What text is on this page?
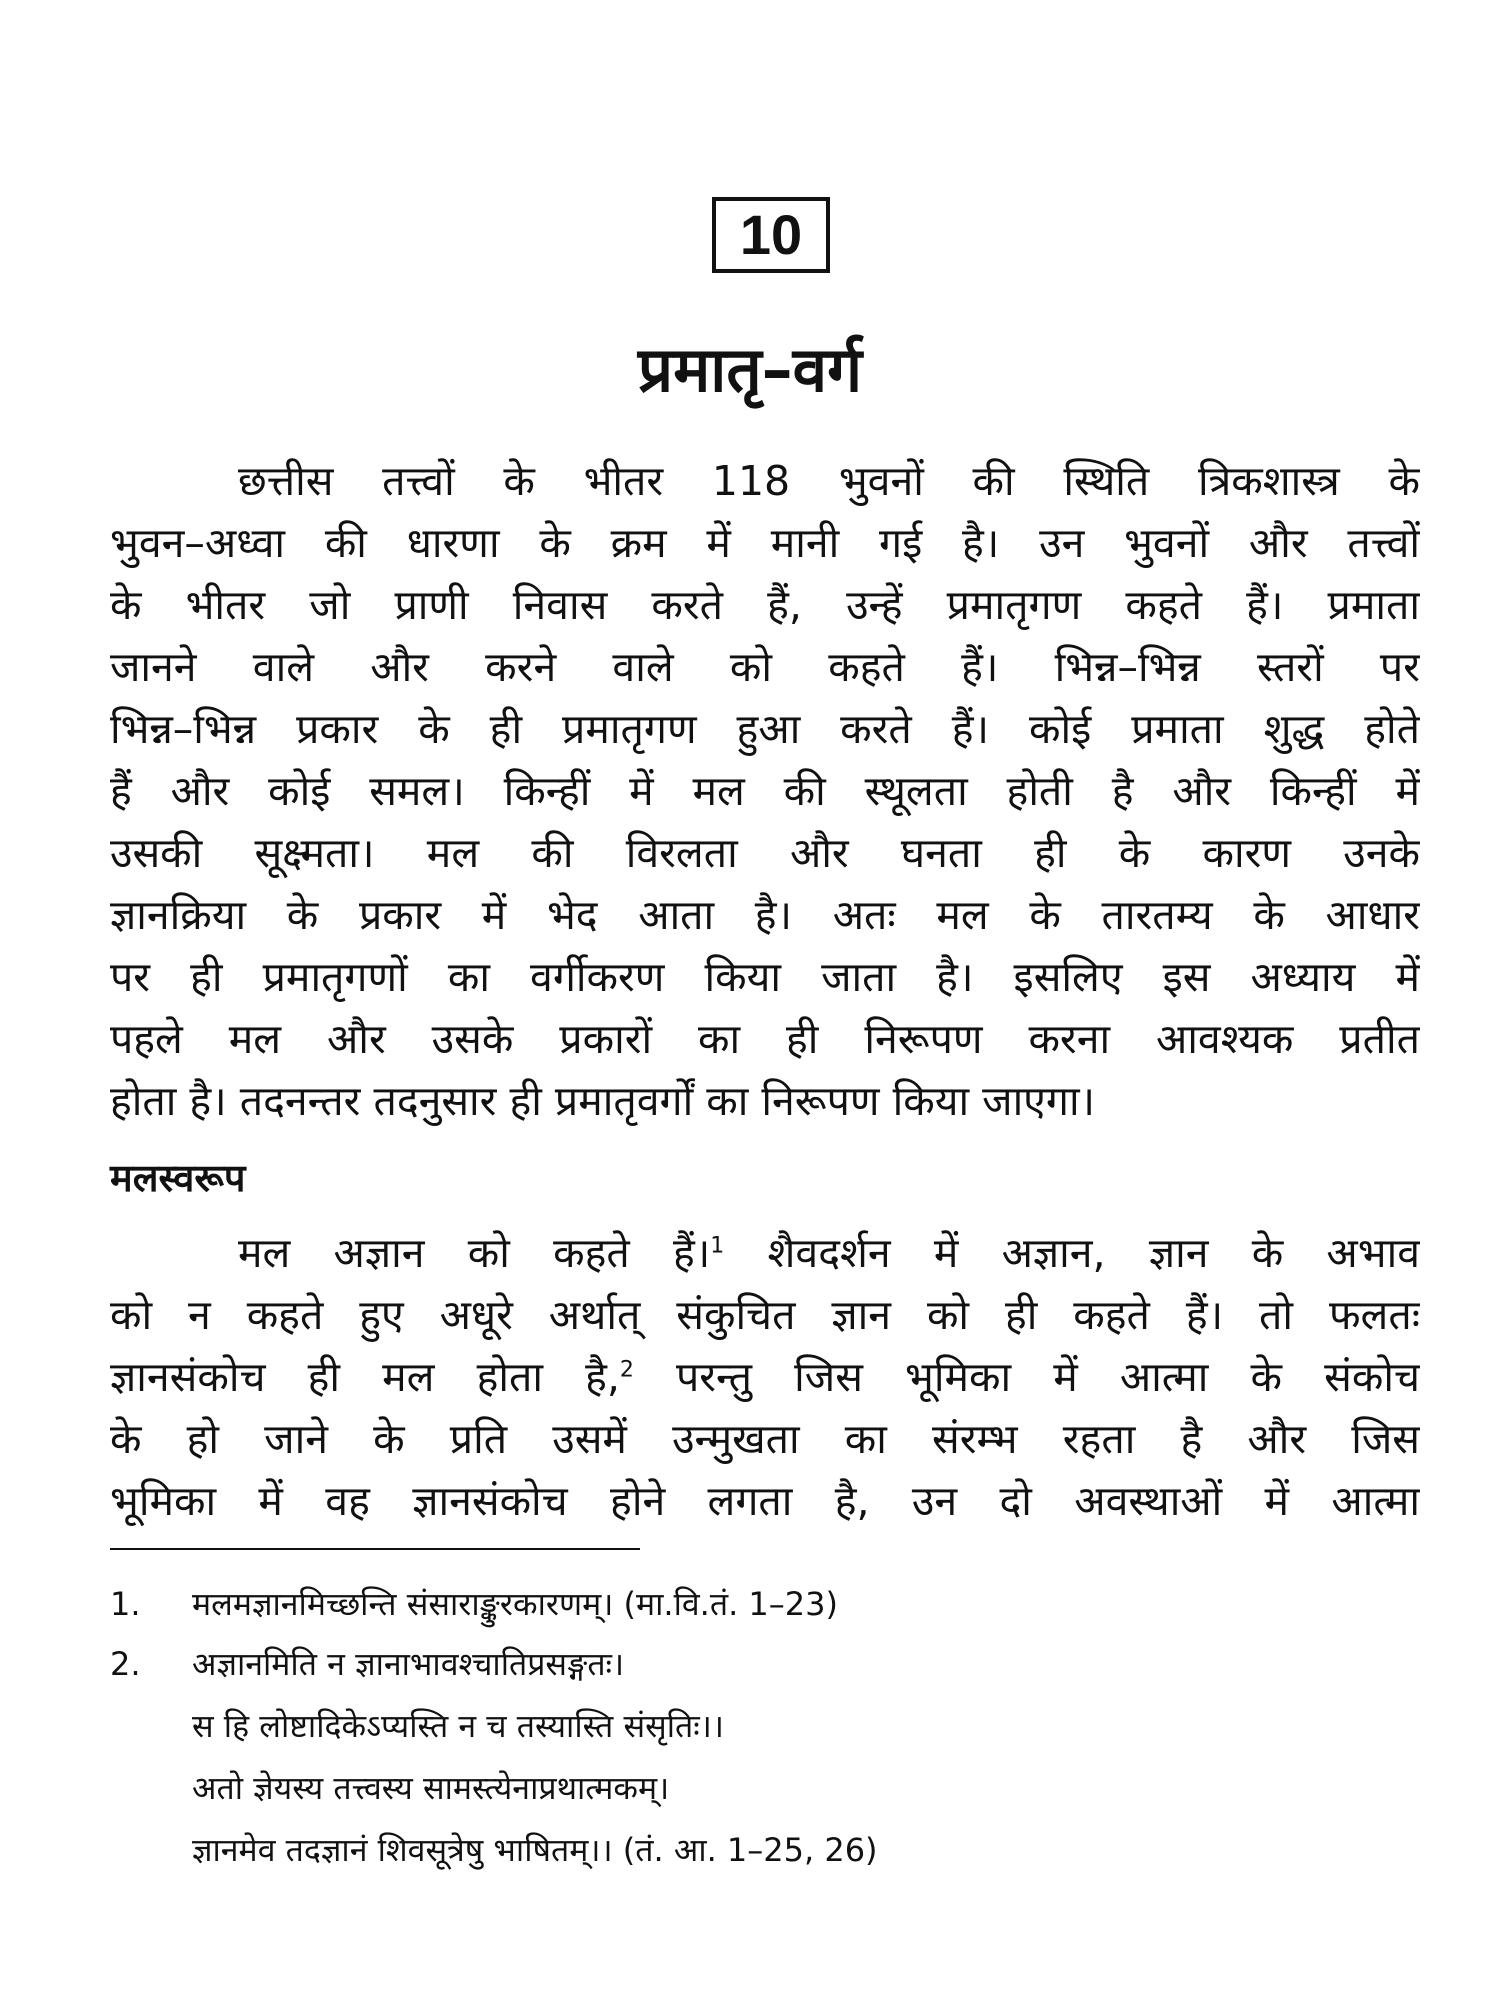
10
प्रमातृ–वर्ग
छत्तीस तत्त्वों के भीतर 118 भुवनों की स्थिति त्रिकशास्त्र के
भुवन–अध्वा की धारणा के क्रम में मानी गई है। उन भुवनों और तत्त्वों
के भीतर जो प्राणी निवास करते हैं, उन्हें प्रमातृगण कहते हैं। प्रमाता
जानने वाले और करने वाले को कहते हैं। भिन्न–भिन्न स्तरों पर
भिन्न–भिन्न प्रकार के ही प्रमातृगण हुआ करते हैं। कोई प्रमाता शुद्ध होते
हैं और कोई समल। किन्हीं में मल की स्थूलता होती है और किन्हीं में
उसकी सूक्ष्मता। मल की विरलता और घनता ही के कारण उनके
ज्ञानक्रिया के प्रकार में भेद आता है। अतः मल के तारतम्य के आधार
पर ही प्रमातृगणों का वर्गीकरण किया जाता है। इसलिए इस अध्याय में
पहले मल और उसके प्रकारों का ही निरूपण करना आवश्यक प्रतीत
होता है। तदनन्तर तदनुसार ही प्रमातृवर्गों का निरूपण किया जाएगा।
मलस्वरूप
मल अज्ञान को कहते हैं।$^1$ शैवदर्शन में अज्ञान, ज्ञान के अभाव
को न कहते हुए अधूरे अर्थात् संकुचित ज्ञान को ही कहते हैं। तो फलतः
ज्ञानसंकोच ही मल होता है,$^2$ परन्तु जिस भूमिका में आत्मा के संकोच
के हो जाने के प्रति उसमें उन्मुखता का संरम्भ रहता है और जिस
भूमिका में वह ज्ञानसंकोच होने लगता है, उन दो अवस्थाओं में आत्मा
1. मलमज्ञानमिच्छन्ति संसाराङ्कुरकारणम्। (मा.वि.तं. 1–23)
2. अज्ञानमिति न ज्ञानाभावश्चातिप्रसङ्गतः।
स हि लोष्टादिकेऽप्यस्ति न च तस्यास्ति संसृतिः।।
अतो ज्ञेयस्य तत्त्वस्य सामस्त्येनाप्रथात्मकम्।
ज्ञानमेव तदज्ञानं शिवसूत्रेषु भाषितम्।। (तं. आ. 1–25, 26)
